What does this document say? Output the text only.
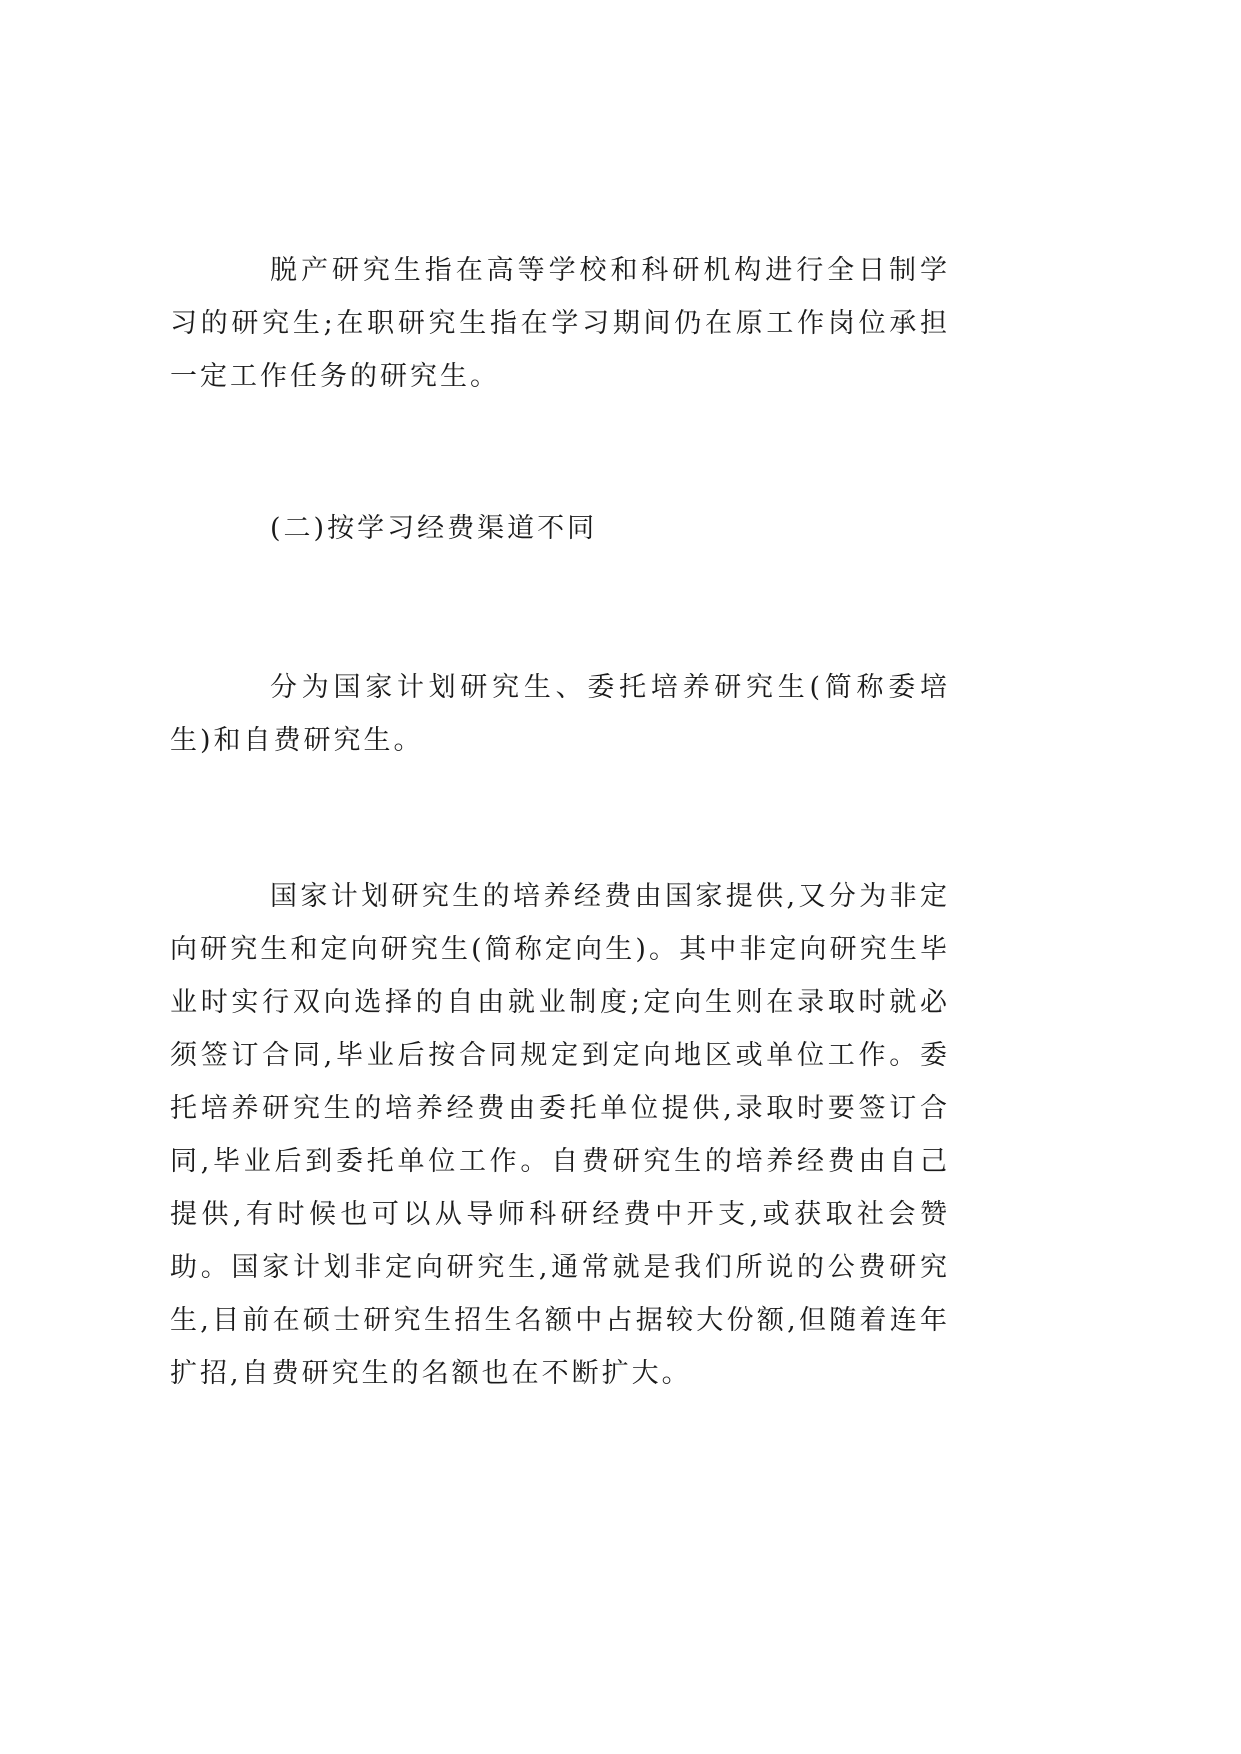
脱产研究生指在高等学校和科研机构进行全日制学习的研究生;在职研究生指在学习期间仍在原工作岗位承担一定工作任务的研究生。

(二)按学习经费渠道不同

分为国家计划研究生、委托培养研究生(简称委培生)和自费研究生。

国家计划研究生的培养经费由国家提供,又分为非定向研究生和定向研究生(简称定向生)。其中非定向研究生毕业时实行双向选择的自由就业制度;定向生则在录取时就必须签订合同,毕业后按合同规定到定向地区或单位工作。委托培养研究生的培养经费由委托单位提供,录取时要签订合同,毕业后到委托单位工作。自费研究生的培养经费由自己提供,有时候也可以从导师科研经费中开支,或获取社会赞助。国家计划非定向研究生,通常就是我们所说的公费研究生,目前在硕士研究生招生名额中占据较大份额,但随着连年扩招,自费研究生的名额也在不断扩大。
